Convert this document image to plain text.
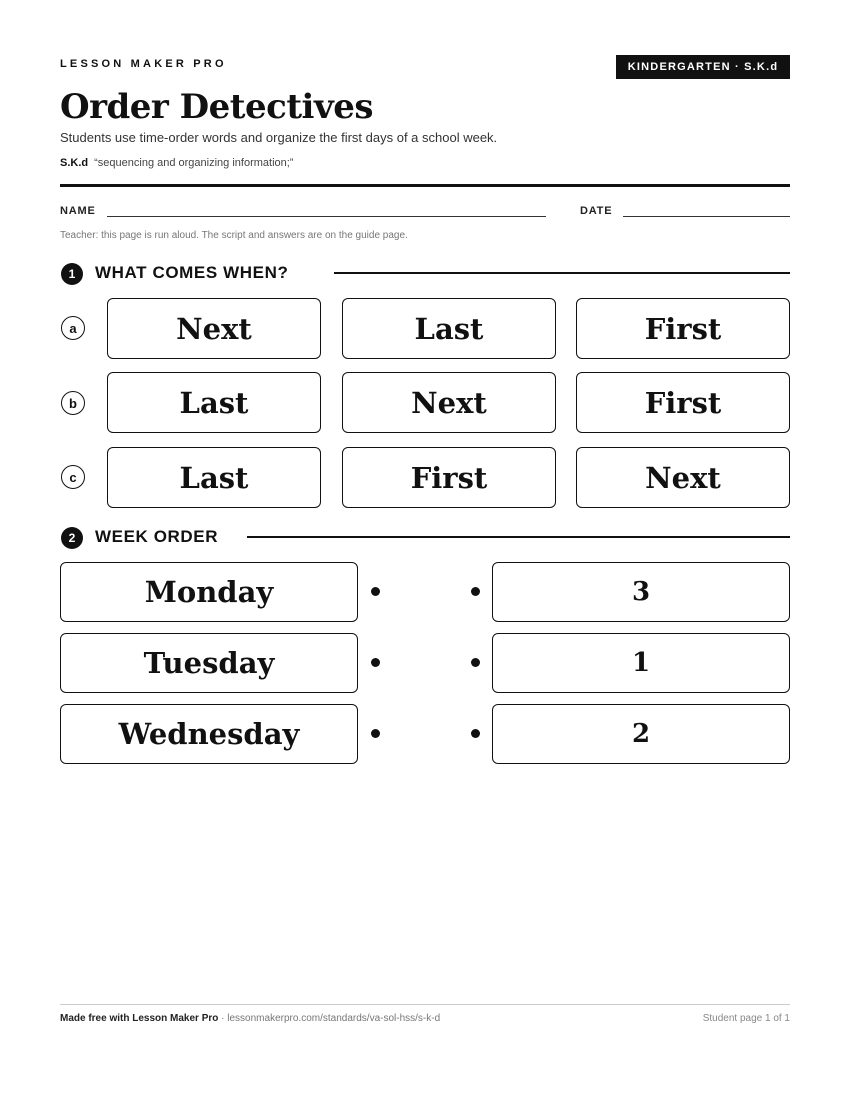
LESSON MAKER PRO	KINDERGARTEN · S.K.d
Order Detectives
Students use time-order words and organize the first days of a school week.
S.K.d “sequencing and organizing information;”
NAME	DATE
Teacher: this page is run aloud. The script and answers are on the guide page.
1	WHAT COMES WHEN?
a	Next	Last	First
b	Last	Next	First
c	Last	First	Next
2	WEEK ORDER
Monday	3
Tuesday	1
Wednesday	2
Made free with Lesson Maker Pro · lessonmakerpro.com/standards/va-sol-hss/s-k-d	Student page 1 of 1
